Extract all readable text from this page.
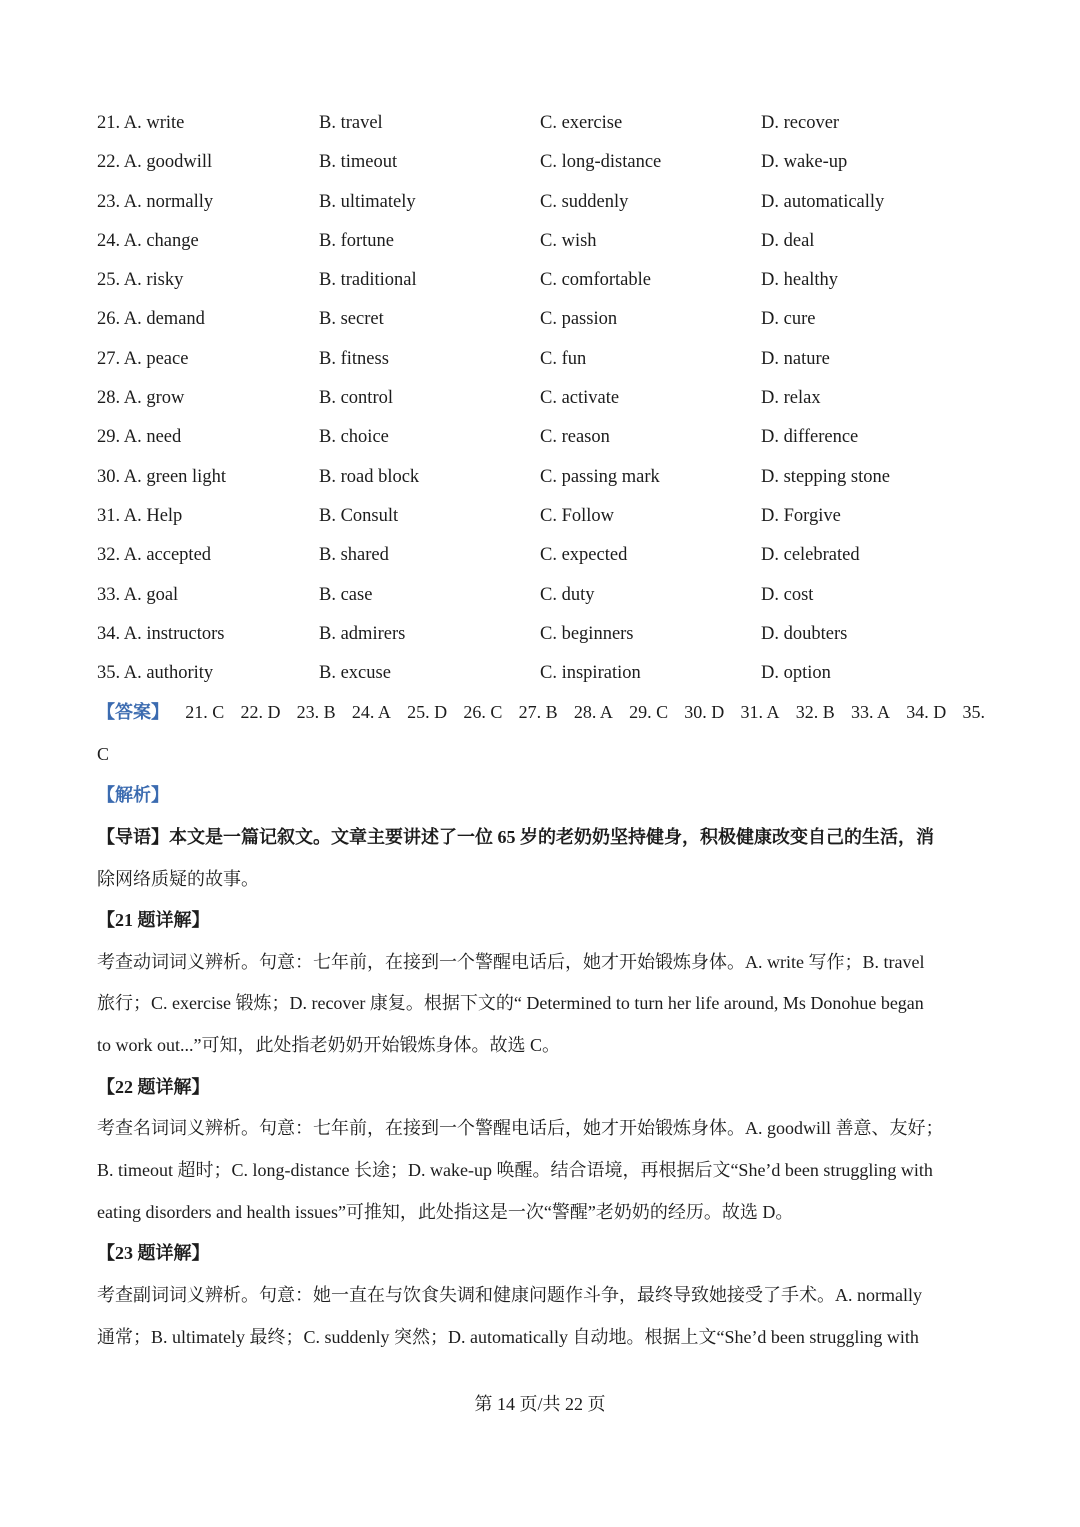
21. A. write	B. travel	C. exercise	D. recover
22. A. goodwill	B. timeout	C. long-distance	D. wake-up
23. A. normally	B. ultimately	C. suddenly	D. automatically
24. A. change	B. fortune	C. wish	D. deal
25. A. risky	B. traditional	C. comfortable	D. healthy
26. A. demand	B. secret	C. passion	D. cure
27. A. peace	B. fitness	C. fun	D. nature
28. A. grow	B. control	C. activate	D. relax
29. A. need	B. choice	C. reason	D. difference
30. A. green light	B. road block	C. passing mark	D. stepping stone
31. A. Help	B. Consult	C. Follow	D. Forgive
32. A. accepted	B. shared	C. expected	D. celebrated
33. A. goal	B. case	C. duty	D. cost
34. A. instructors	B. admirers	C. beginners	D. doubters
35. A. authority	B. excuse	C. inspiration	D. option
【答案】 21. C 22. D 23. B 24. A 25. D 26. C 27. B 28. A 29. C 30. D 31. A 32. B 33. A 34. D 35.
C
【解析】
【导语】本文是一篇记叙文。文章主要讲述了一位 65 岁的老奶奶坚持健身，积极健康改变自己的生活，消
除网络质疑的故事。
【21 题详解】
考查动词词义辨析。句意：七年前，在接到一个警醒电话后，她才开始锻炼身体。A. write 写作；B. travel
旅行；C. exercise 锻炼；D. recover 康复。根据下文的“ Determined to turn her life around, Ms Donohue began
to work out...”可知，此处指老奶奶开始锻炼身体。故选 C。
【22 题详解】
考查名词词义辨析。句意：七年前，在接到一个警醒电话后，她才开始锻炼身体。A. goodwill 善意、友好；
B. timeout 超时；C. long-distance 长途；D. wake-up 唤醒。结合语境，再根据后文“She’d been struggling with
eating disorders and health issues”可推知，此处指这是一次“警醒”老奶奶的经历。故选 D。
【23 题详解】
考查副词词义辨析。句意：她一直在与饮食失调和健康问题作斗争，最终导致她接受了手术。A. normally
通常；B. ultimately 最终；C. suddenly 突然；D. automatically 自动地。根据上文“She’d been struggling with
第 14 页/共 22 页
